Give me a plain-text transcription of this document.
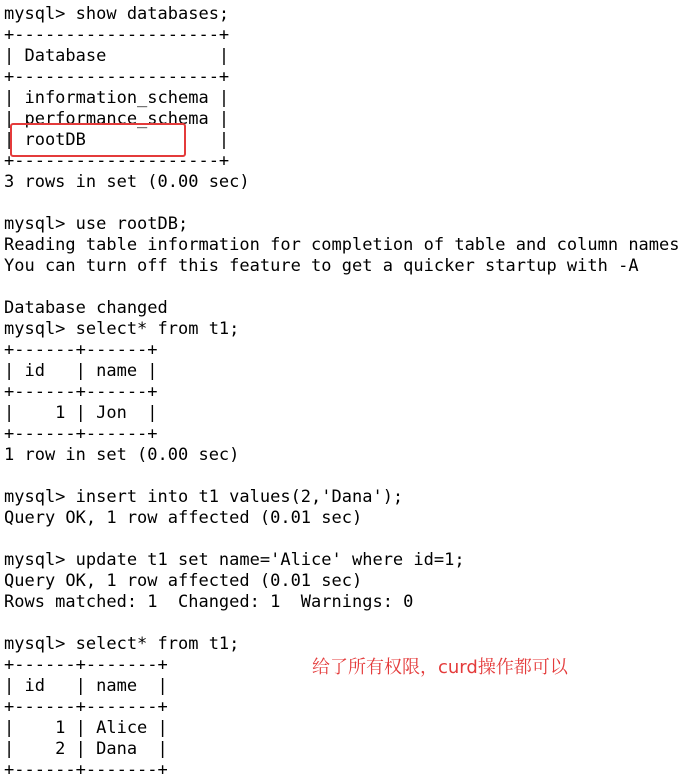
mysql> show databases;
+--------------------+
| Database           |
+--------------------+
| information_schema |
| performance_schema |
| rootDB             |
+--------------------+
3 rows in set (0.00 sec)
mysql> use rootDB;
Reading table information for completion of table and column names
You can turn off this feature to get a quicker startup with -A
Database changed
mysql> select* from t1;
+------+------+
| id   | name |
+------+------+
|    1 | Jon  |
+------+------+
1 row in set (0.00 sec)
mysql> insert into t1 values(2,'Dana');
Query OK, 1 row affected (0.01 sec)
mysql> update t1 set name='Alice' where id=1;
Query OK, 1 row affected (0.01 sec)
Rows matched: 1  Changed: 1  Warnings: 0
mysql> select* from t1;
+------+-------+
| id   | name  |
+------+-------+
|    1 | Alice |
|    2 | Dana  |
+------+-------+
给了所有权限，curd操作都可以
